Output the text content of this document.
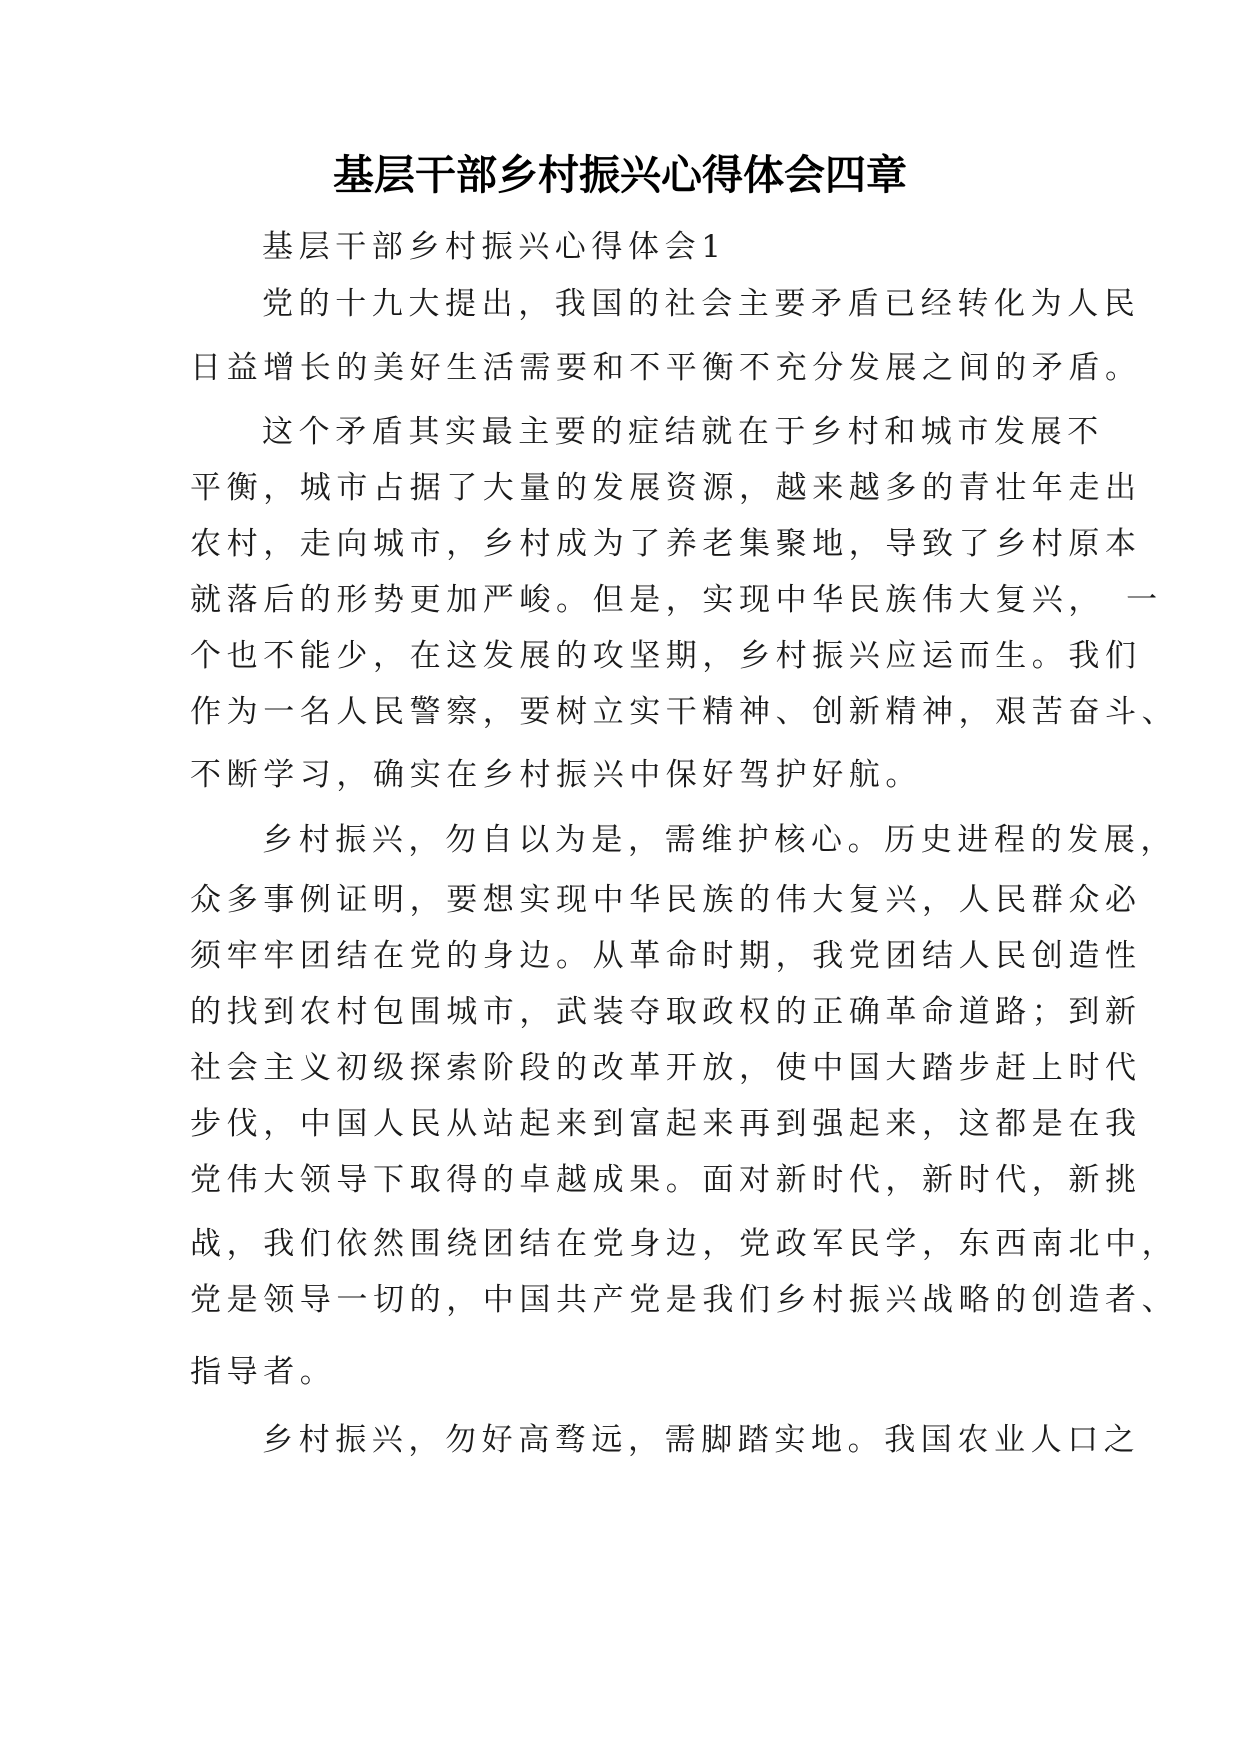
基层干部乡村振兴心得体会四章
基层干部乡村振兴心得体会1
党的十九大提出，我国的社会主要矛盾已经转化为人民
日益增长的美好生活需要和不平衡不充分发展之间的矛盾。
这个矛盾其实最主要的症结就在于乡村和城市发展不
平衡，城市占据了大量的发展资源，越来越多的青壮年走出
农村，走向城市，乡村成为了养老集聚地，导致了乡村原本
就落后的形势更加严峻。但是，实现中华民族伟大复兴，　一
个也不能少，在这发展的攻坚期，乡村振兴应运而生。我们
作为一名人民警察，要树立实干精神、创新精神，艰苦奋斗、
不断学习，确实在乡村振兴中保好驾护好航。
乡村振兴，勿自以为是，需维护核心。历史进程的发展，
众多事例证明，要想实现中华民族的伟大复兴，人民群众必
须牢牢团结在党的身边。从革命时期，我党团结人民创造性
的找到农村包围城市，武装夺取政权的正确革命道路；到新
社会主义初级探索阶段的改革开放，使中国大踏步赶上时代
步伐，中国人民从站起来到富起来再到强起来，这都是在我
党伟大领导下取得的卓越成果。面对新时代，新时代，新挑
战，我们依然围绕团结在党身边，党政军民学，东西南北中，
党是领导一切的，中国共产党是我们乡村振兴战略的创造者、
指导者。
乡村振兴，勿好高骛远，需脚踏实地。我国农业人口之
